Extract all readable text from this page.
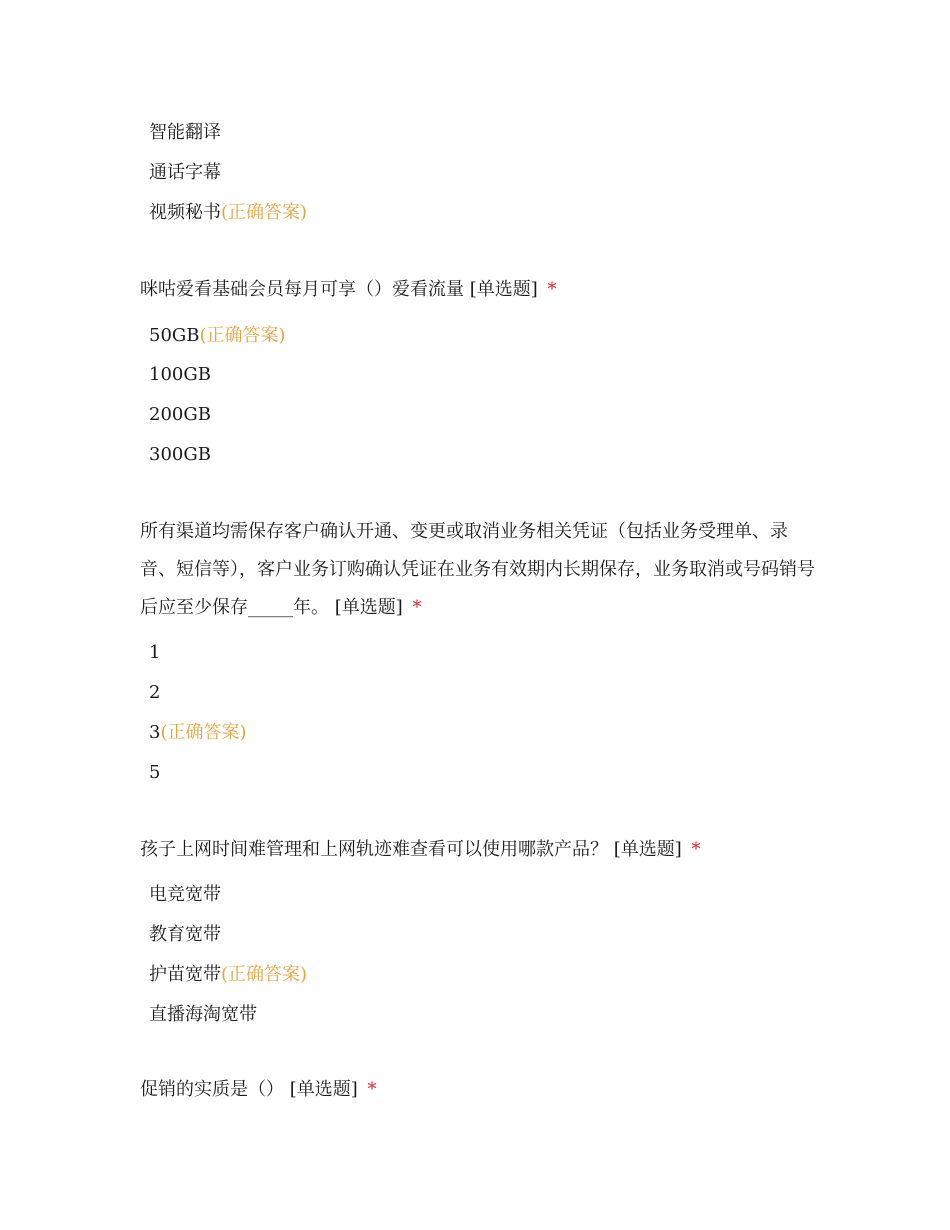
智能翻译
通话字幕
视频秘书(正确答案)
咪咕爱看基础会员每月可享（）爱看流量 [单选题] *
50GB(正确答案)
100GB
200GB
300GB
所有渠道均需保存客户确认开通、变更或取消业务相关凭证（包括业务受理单、录音、短信等），客户业务订购确认凭证在业务有效期内长期保存，业务取消或号码销号后应至少保存_____年。 [单选题] *
1
2
3(正确答案)
5
孩子上网时间难管理和上网轨迹难查看可以使用哪款产品？ [单选题] *
电竞宽带
教育宽带
护苗宽带(正确答案)
直播海淘宽带
促销的实质是（） [单选题] *
